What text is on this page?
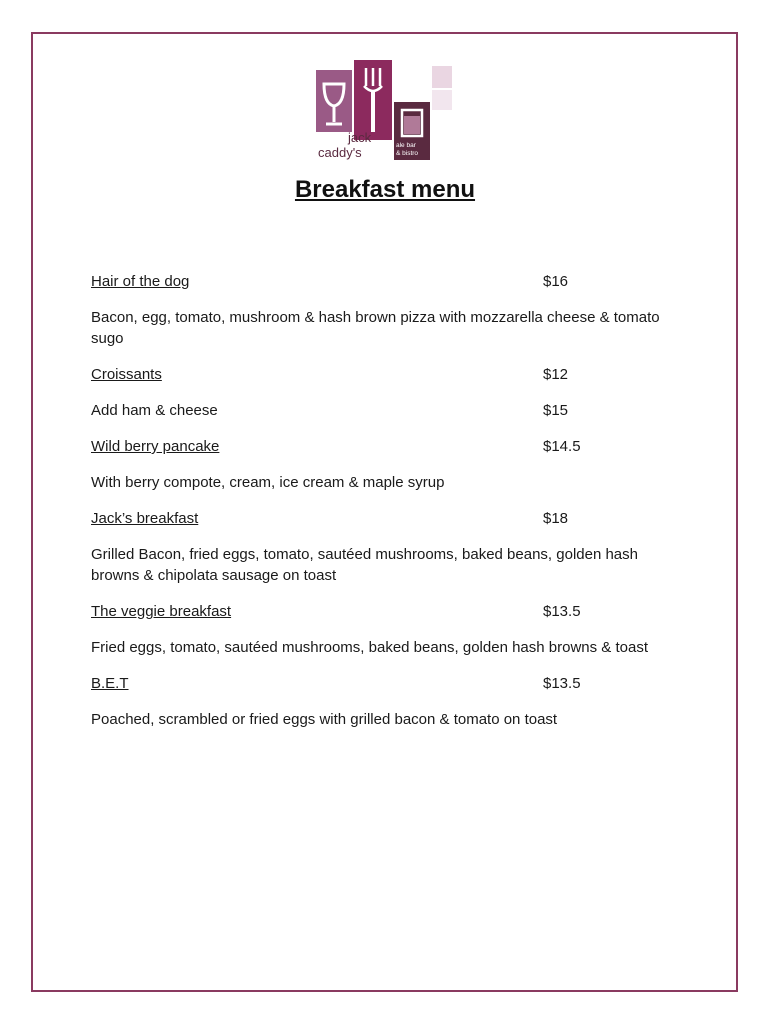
jack
caddy's	ale bar
& bistro
Breakfast menu
Hair of the dog	$16
Bacon, egg, tomato, mushroom & hash brown pizza with mozzarella cheese & tomato sugo
Croissants	$12
Add ham & cheese	$15
Wild berry pancake	$14.5
With berry compote, cream, ice cream & maple syrup
Jack’s breakfast	$18
Grilled Bacon, fried eggs, tomato, sautéed mushrooms, baked beans, golden hash browns & chipolata sausage on toast
The veggie breakfast	$13.5
Fried eggs, tomato, sautéed mushrooms, baked beans, golden hash browns & toast
B.E.T	$13.5
Poached, scrambled or fried eggs with grilled bacon & tomato on toast
